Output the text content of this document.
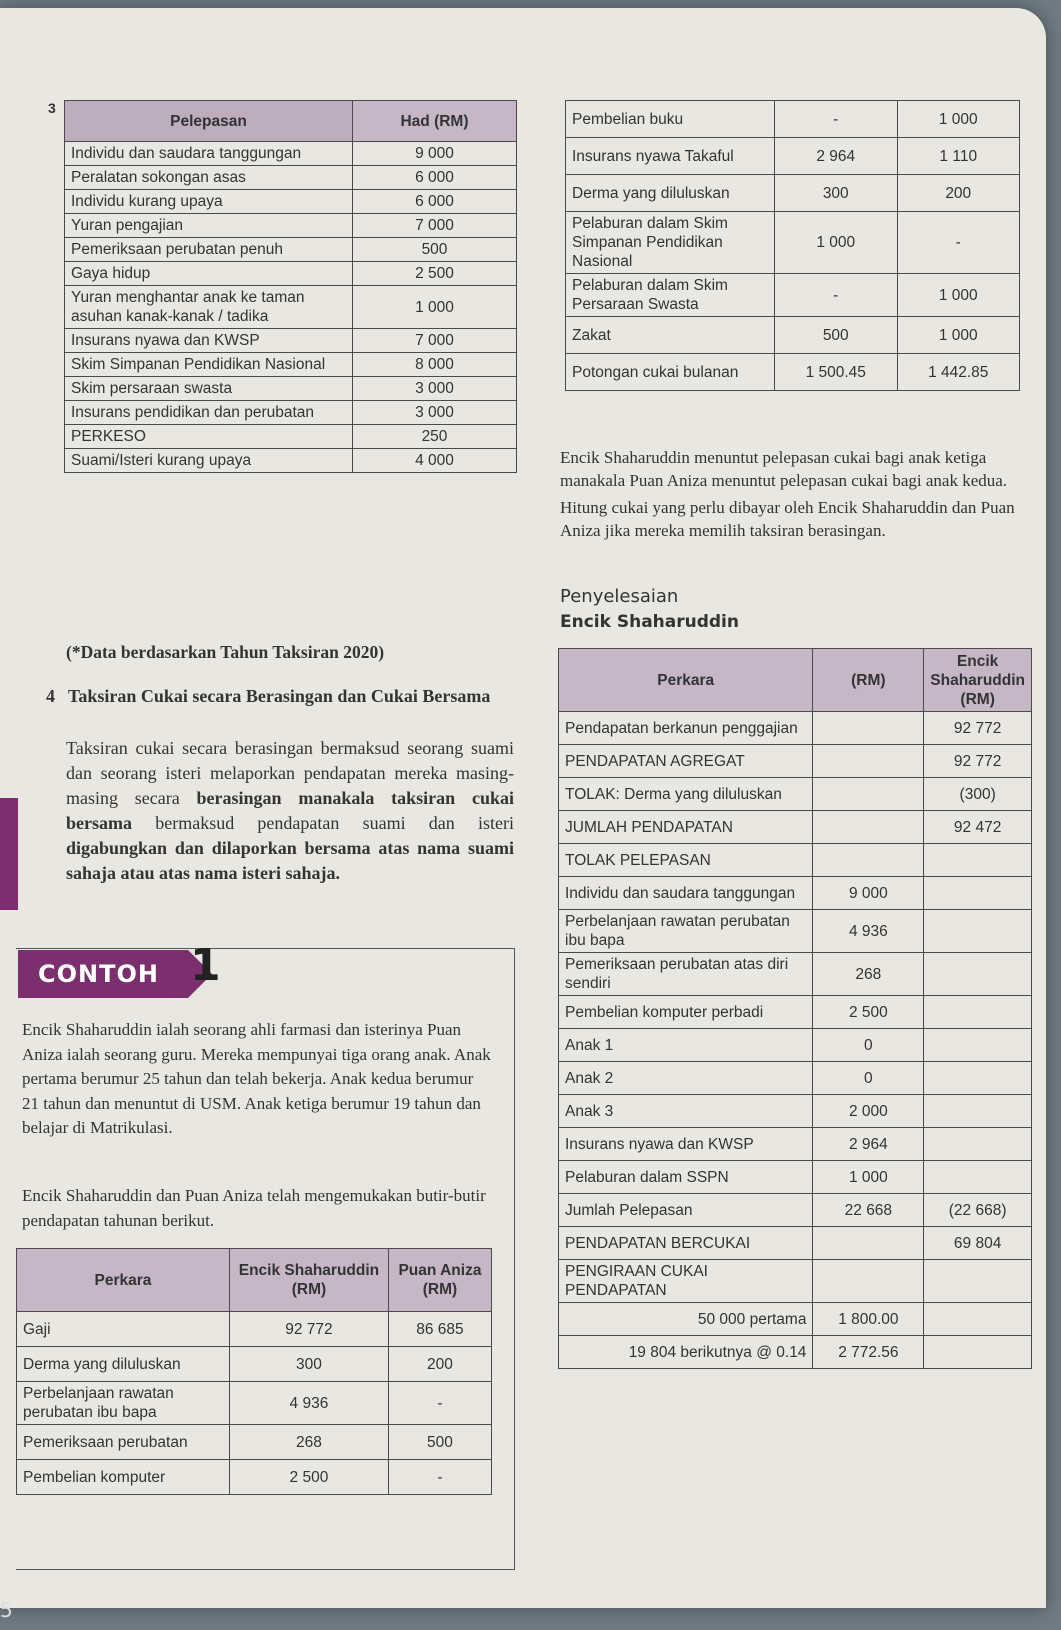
3
Pelepasan	Had (RM)
Individu dan saudara tanggungan	9 000
Peralatan sokongan asas	6 000
Individu kurang upaya	6 000
Yuran pengajian	7 000
Pemeriksaan perubatan penuh	500
Gaya hidup	2 500
Yuran menghantar anak ke taman asuhan kanak-kanak / tadika	1 000
Insurans nyawa dan KWSP	7 000
Skim Simpanan Pendidikan Nasional	8 000
Skim persaraan swasta	3 000
Insurans pendidikan dan perubatan	3 000
PERKESO	250
Suami/Isteri kurang upaya	4 000
(*Data berdasarkan Tahun Taksiran 2020)
Pembelian buku	-	1 000
Insurans nyawa Takaful	2 964	1 110
Derma yang diluluskan	300	200
Pelaburan dalam Skim Simpanan Pendidikan Nasional	1 000	-
Pelaburan dalam Skim Persaraan Swasta	-	1 000
Zakat	500	1 000
Potongan cukai bulanan	1 500.45	1 442.85

Encik Shaharuddin menuntut pelepasan cukai bagi anak ketiga manakala Puan Aniza menuntut pelepasan cukai bagi anak kedua.

Hitung cukai yang perlu dibayar oleh Encik Shaharuddin dan Puan Aniza jika mereka memilih taksiran berasingan.

Penyelesaian
Encik Shaharuddin
4 Taksiran Cukai secara Berasingan dan Cukai Bersama
Taksiran cukai secara berasingan bermaksud seorang suami dan seorang isteri melaporkan pendapatan mereka masing-masing secara berasingan manakala taksiran cukai bersama bermaksud pendapatan suami dan isteri digabungkan dan dilaporkan bersama atas nama suami sahaja atau atas nama isteri sahaja.
CONTOH 1
Encik Shaharuddin ialah seorang ahli farmasi dan isterinya Puan Aniza ialah seorang guru. Mereka mempunyai tiga orang anak. Anak pertama berumur 25 tahun dan telah bekerja. Anak kedua berumur 21 tahun dan menuntut di USM. Anak ketiga berumur 19 tahun dan belajar di Matrikulasi.
Encik Shaharuddin dan Puan Aniza telah mengemukakan butir-butir pendapatan tahunan berikut.
Perkara	Encik Shaharuddin (RM)	Puan Aniza (RM)
Gaji	92 772	86 685
Derma yang diluluskan	300	200
Perbelanjaan rawatan perubatan ibu bapa	4 936	-
Pemeriksaan perubatan	268	500
Pembelian komputer	2 500	-
Perkara	(RM)	Encik Shaharuddin (RM)
Pendapatan berkanun penggajian		92 772
PENDAPATAN AGREGAT		92 772
TOLAK: Derma yang diluluskan		(300)
JUMLAH PENDAPATAN		92 472
TOLAK PELEPASAN		
Individu dan saudara tanggungan	9 000	
Perbelanjaan rawatan perubatan ibu bapa	4 936	
Pemeriksaan perubatan atas diri sendiri	268	
Pembelian komputer perbadi	2 500	
Anak 1	0	
Anak 2	0	
Anak 3	2 000	
Insurans nyawa dan KWSP	2 964	
Pelaburan dalam SSPN	1 000	
Jumlah Pelepasan	22 668	(22 668)
PENDAPATAN BERCUKAI		69 804
PENGIRAAN CUKAI PENDAPATAN		
50 000 pertama	1 800.00	
19 804 berikutnya @ 0.14	2 772.56	
5
